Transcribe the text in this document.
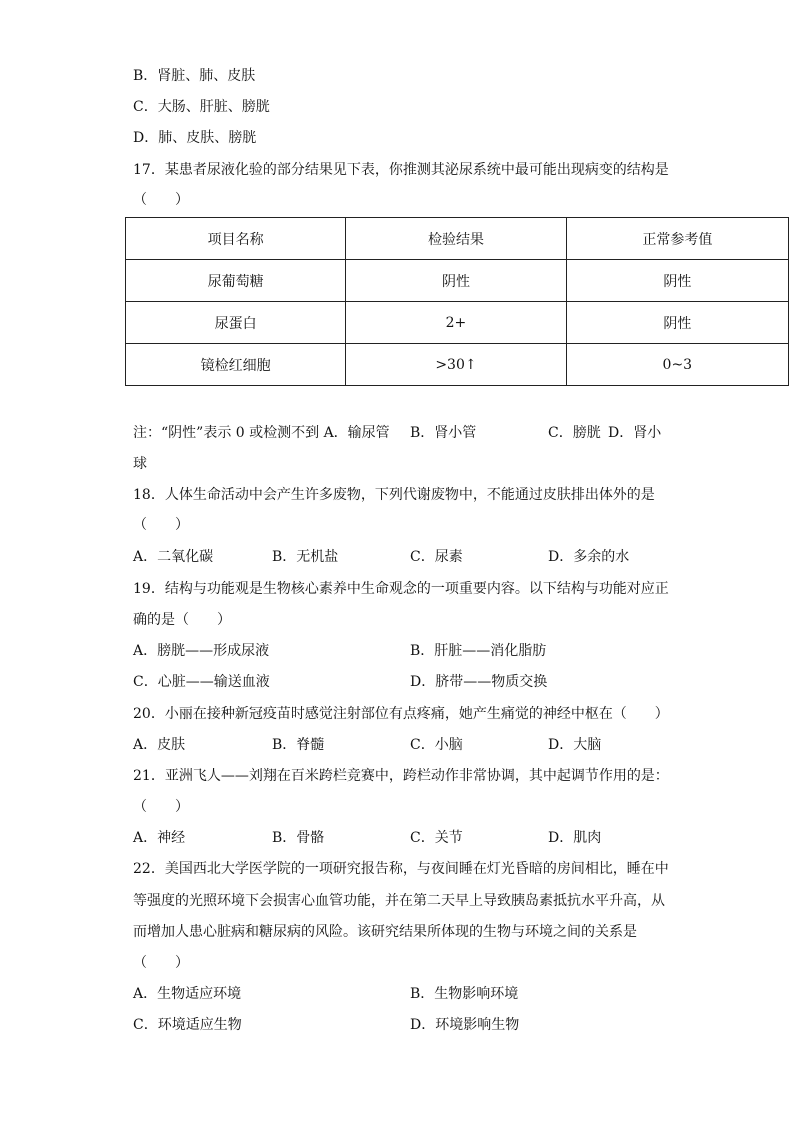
B．肾脏、肺、皮肤
C．大肠、肝脏、膀胱
D．肺、皮肤、膀胱
17．某患者尿液化验的部分结果见下表，你推测其泌尿系统中最可能出现病变的结构是
（　　）
项目名称	检验结果	正常参考值
尿葡萄糖	阴性	阴性
尿蛋白	2+	阴性
镜检红细胞	>30↑	0~3
注：“阴性”表示 0 或检测不到 A．输尿管 B．肾小管	C．膀胱 D．肾小
球
18．人体生命活动中会产生许多废物，下列代谢废物中，不能通过皮肤排出体外的是
（　　）
A．二氧化碳	B．无机盐	C．尿素	D．多余的水
19．结构与功能观是生物核心素养中生命观念的一项重要内容。以下结构与功能对应正
确的是（　　）
A．膀胱——形成尿液	B．肝脏——消化脂肪
C．心脏——输送血液	D．脐带——物质交换
20．小丽在接种新冠疫苗时感觉注射部位有点疼痛，她产生痛觉的神经中枢在（　　）
A．皮肤	B．脊髓	C．小脑	D．大脑
21．亚洲飞人——刘翔在百米跨栏竞赛中，跨栏动作非常协调，其中起调节作用的是：
（　　）
A．神经	B．骨骼	C．关节	D．肌肉
22．美国西北大学医学院的一项研究报告称，与夜间睡在灯光昏暗的房间相比，睡在中
等强度的光照环境下会损害心血管功能，并在第二天早上导致胰岛素抵抗水平升高，从
而增加人患心脏病和糖尿病的风险。该研究结果所体现的生物与环境之间的关系是
（　　）
A．生物适应环境	B．生物影响环境
C．环境适应生物	D．环境影响生物
